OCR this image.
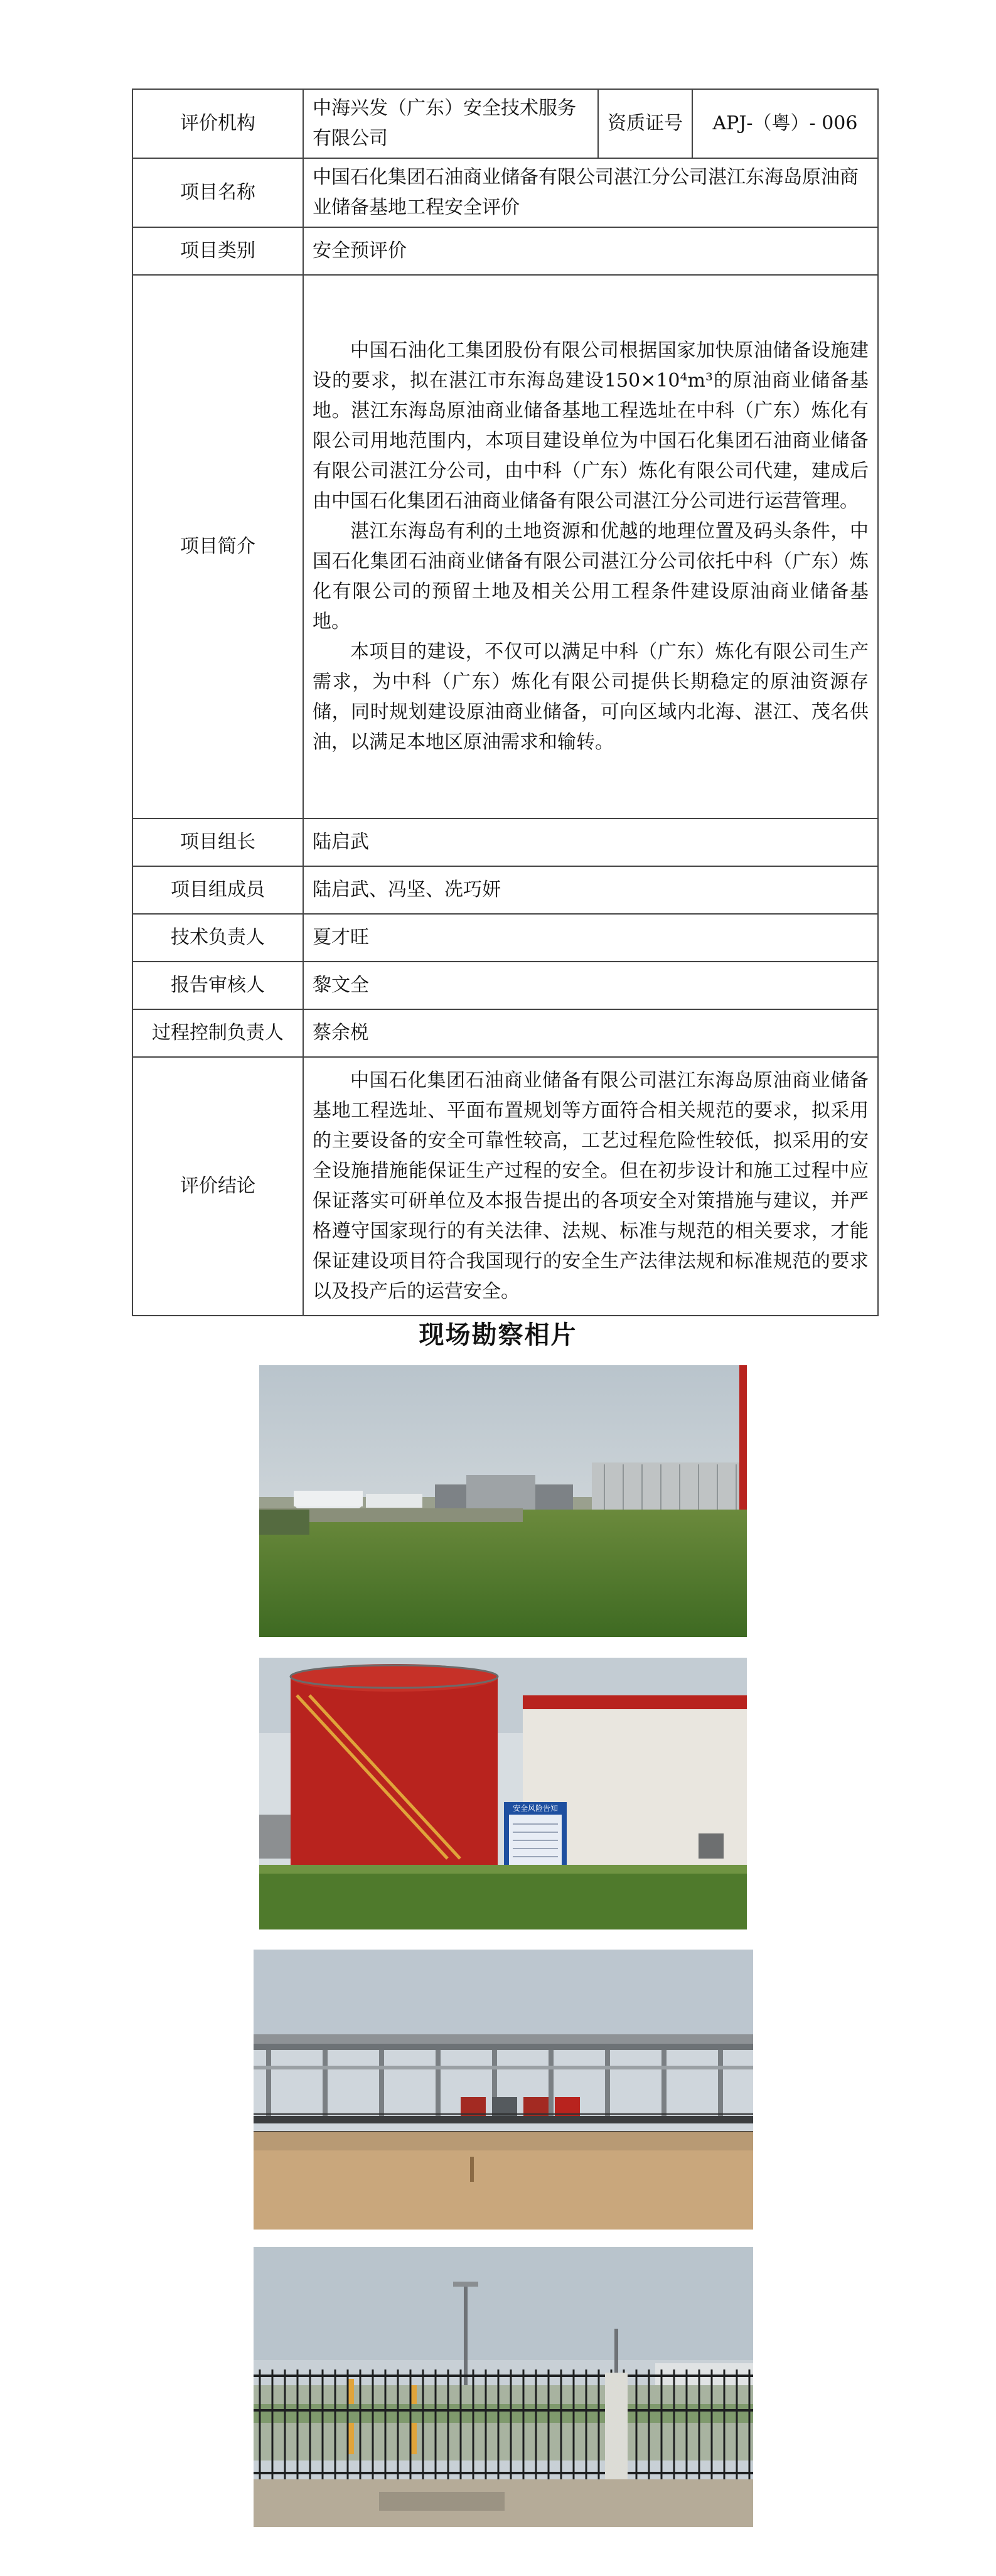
评价机构	中海兴发（广东）安全技术服务有限公司	资质证号	APJ-（粤）- 006
项目名称	中国石化集团石油商业储备有限公司湛江分公司湛江东海岛原油商业储备基地工程安全评价		
项目类别	安全预评价		
项目简介	中国石油化工集团股份有限公司根据国家加快原油储备设施建设的要求，拟在湛江市东海岛建设150×10⁴m³的原油商业储备基地。湛江东海岛原油商业储备基地工程选址在中科（广东）炼化有限公司用地范围内，本项目建设单位为中国石化集团石油商业储备有限公司湛江分公司，由中科（广东）炼化有限公司代建，建成后由中国石化集团石油商业储备有限公司湛江分公司进行运营管理。

湛江东海岛有利的土地资源和优越的地理位置及码头条件，中国石化集团石油商业储备有限公司湛江分公司依托中科（广东）炼化有限公司的预留土地及相关公用工程条件建设原油商业储备基地。

本项目的建设，不仅可以满足中科（广东）炼化有限公司生产需求，为中科（广东）炼化有限公司提供长期稳定的原油资源存储，同时规划建设原油商业储备，可向区域内北海、湛江、茂名供油，以满足本地区原油需求和输转。		

项目组长	陆启武		
项目组成员	陆启武、冯坚、冼巧妍		
技术负责人	夏才旺		
报告审核人	黎文全		
过程控制负责人	蔡余棁		
评价结论	中国石化集团石油商业储备有限公司湛江东海岛原油商业储备基地工程选址、平面布置规划等方面符合相关规范的要求，拟采用的主要设备的安全可靠性较高，工艺过程危险性较低，拟采用的安全设施措施能保证生产过程的安全。但在初步设计和施工过程中应保证落实可研单位及本报告提出的各项安全对策措施与建议，并严格遵守国家现行的有关法律、法规、标准与规范的相关要求，才能保证建设项目符合我国现行的安全生产法律法规和标准规范的要求以及投产后的运营安全。		

现场勘察相片
安全风险告知
